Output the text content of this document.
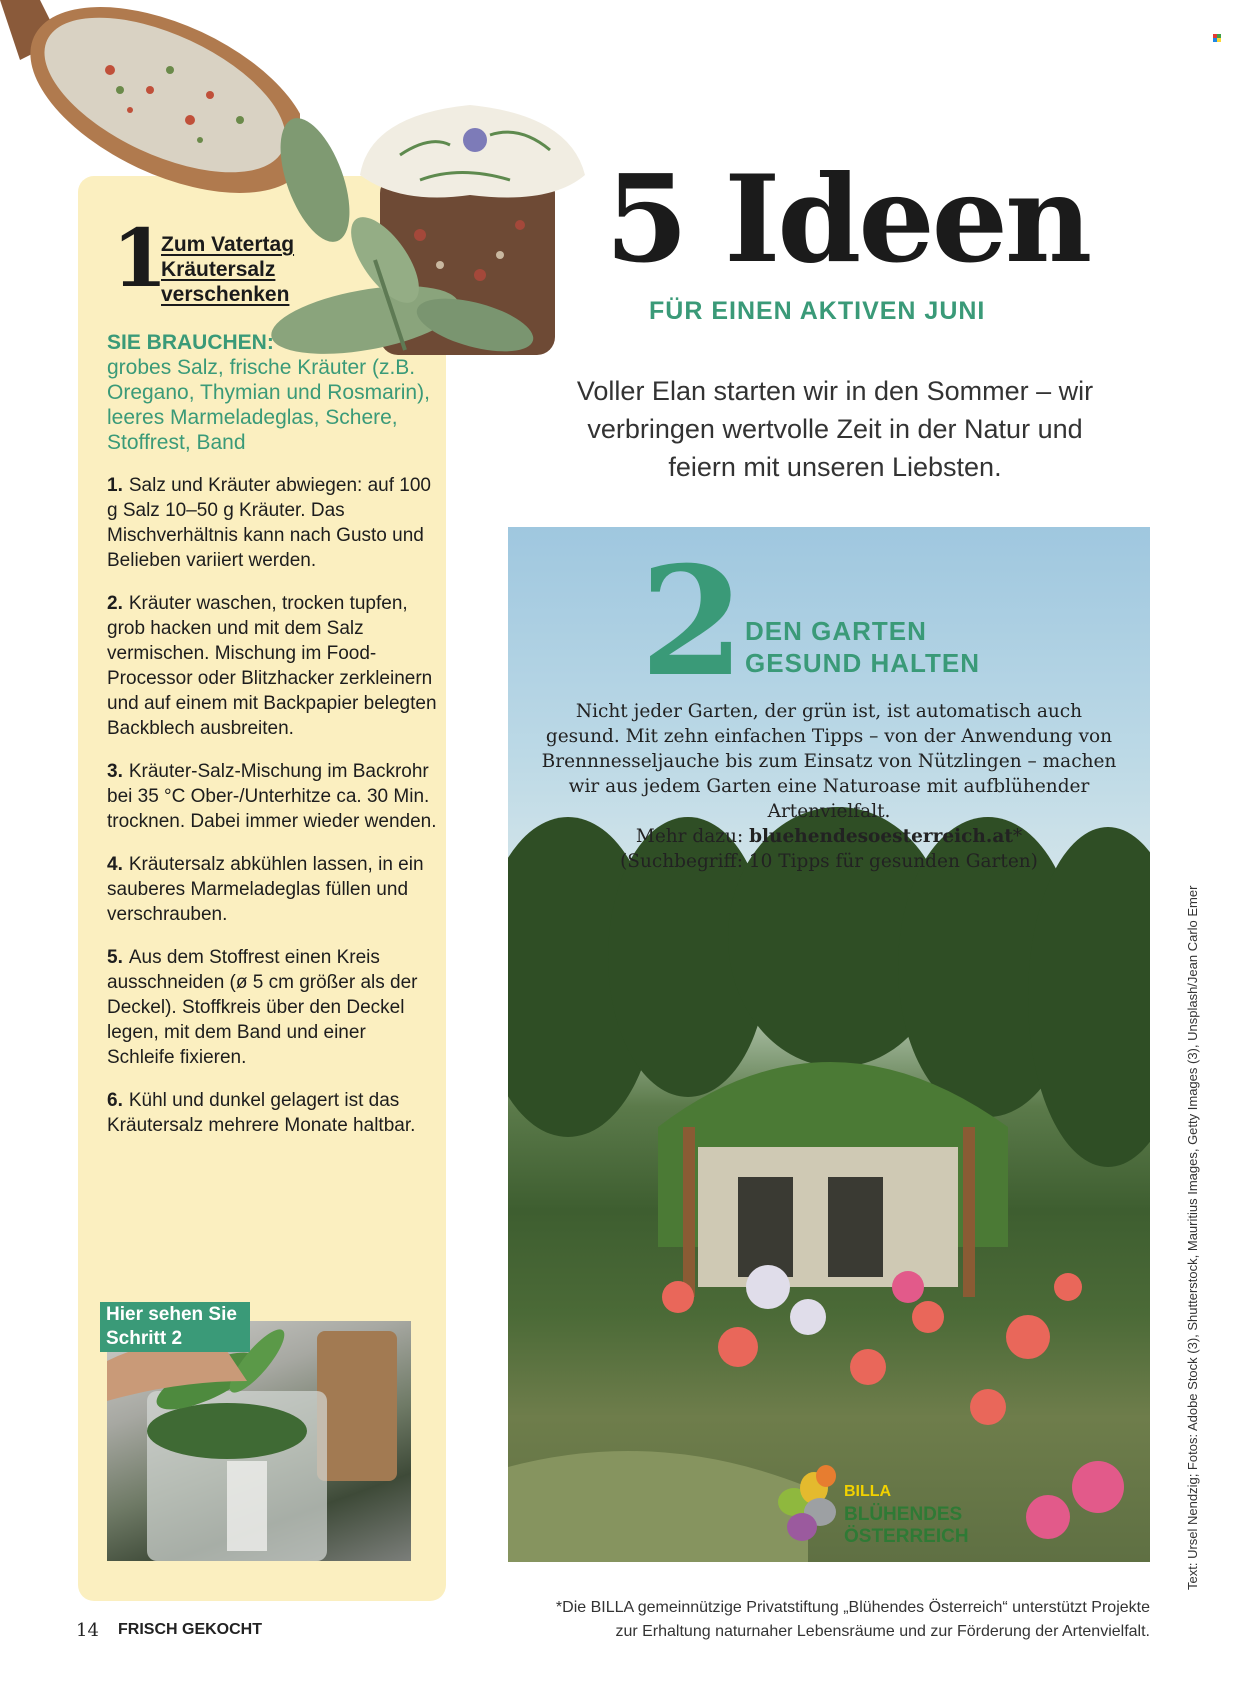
1
Zum Vatertag
Kräutersalz
verschenken
SIE BRAUCHEN:

grobes Salz, frische Kräuter (z.B. Oregano, Thymian und Rosmarin), leeres Marmeladeglas, Schere, Stoffrest, Band

1. Salz und Kräuter abwiegen: auf 100 g Salz 10–50 g Kräuter. Das Mischverhältnis kann nach Gusto und Belieben variiert werden.

2. Kräuter waschen, trocken tupfen, grob hacken und mit dem Salz vermischen. Mischung im Food-Processor oder Blitzhacker zerkleinern und auf einem mit Backpapier belegten Backblech ausbreiten.

3. Kräuter-Salz-Mischung im Backrohr bei 35 °C Ober-/Unterhitze ca. 30 Min. trocknen. Dabei immer wieder wenden.

4. Kräutersalz abkühlen lassen, in ein sauberes Marmeladeglas füllen und verschrauben.

5. Aus dem Stoffrest einen Kreis ausschneiden (ø 5 cm größer als der Deckel). Stoffkreis über den Deckel legen, mit dem Band und einer Schleife fixieren.

6. Kühl und dunkel gelagert ist das Kräutersalz mehrere Monate haltbar.

Hier sehen Sie Schritt 2
5 Ideen
FÜR EINEN AKTIVEN JUNI
Voller Elan starten wir in den Sommer – wir verbringen wertvolle Zeit in der Natur und feiern mit unseren Liebsten.
2 DEN GARTEN
GESUND HALTEN
Nicht jeder Garten, der grün ist, ist automatisch auch gesund. Mit zehn einfachen Tipps – von der Anwendung von Brennnesseljauche bis zum Einsatz von Nützlingen – machen wir aus jedem Garten eine Naturoase mit aufblühender Artenvielfalt.
Mehr dazu: bluehendesoesterreich.at*
(Suchbegriff: 10 Tipps für gesunden Garten)
BILLA
BLÜHENDES
ÖSTERREICH	Text: Ursel Nendzig; Fotos: Adobe Stock (3), Shutterstock, Mauritius Images, Getty Images (3), Unsplash/Jean Carlo Emer
14 FRISCH GEKOCHT
*Die BILLA gemeinnützige Privatstiftung „Blühendes Österreich“ unterstützt Projekte
zur Erhaltung naturnaher Lebensräume und zur Förderung der Artenvielfalt.
